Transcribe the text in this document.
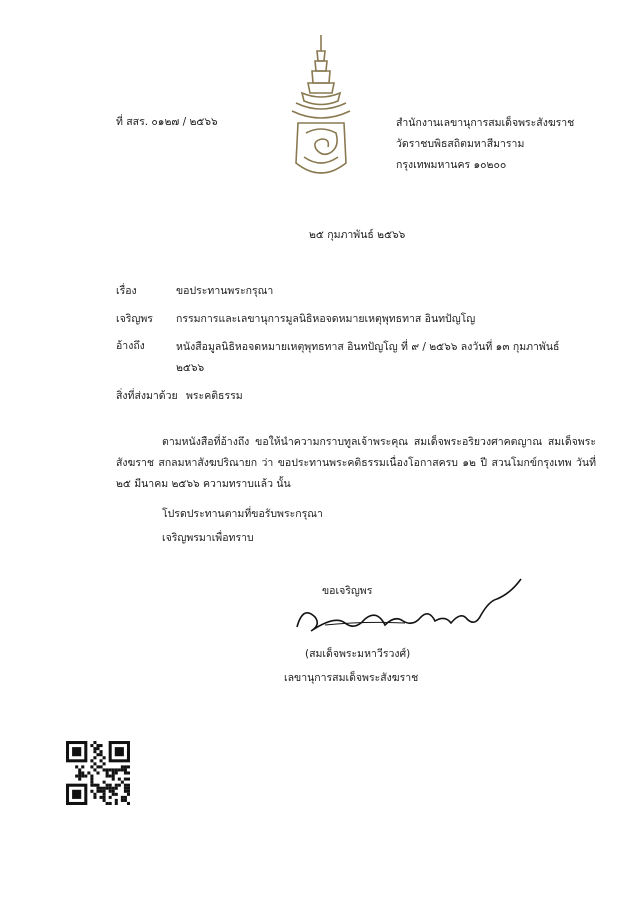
ที่ สสร. ๐๑๒๗ / ๒๕๖๖	สำนักงานเลขานุการสมเด็จพระสังฆราช
วัดราชบพิธสถิตมหาสีมาราม
กรุงเทพมหานคร ๑๐๒๐๐
๒๕ กุมภาพันธ์ ๒๕๖๖
เรื่อง	ขอประทานพระกรุณา
เจริญพร กรรมการและเลขานุการมูลนิธิหอจดหมายเหตุพุทธทาส อินทปัญโญ
อ้างถึง	หนังสือมูลนิธิหอจดหมายเหตุพุทธทาส อินทปัญโญ ที่ ๙ / ๒๕๖๖ ลงวันที่ ๑๓ กุมภาพันธ์ ๒๕๖๖
สิ่งที่ส่งมาด้วย พระคติธรรม
ตามหนังสือที่อ้างถึง ขอให้นำความกราบทูลเจ้าพระคุณ สมเด็จพระอริยวงศาคตญาณ สมเด็จพระสังฆราช สกลมหาสังฆปริณายก ว่า ขอประทานพระคติธรรมเนื่องโอกาสครบ ๑๒ ปี สวนโมกข์กรุงเทพ วันที่ ๒๕ มีนาคม ๒๕๖๖ ความทราบแล้ว นั้น
โปรดประทานตามที่ขอรับพระกรุณา
เจริญพรมาเพื่อทราบ
ขอเจริญพร
(สมเด็จพระมหาวีรวงศ์)
เลขานุการสมเด็จพระสังฆราช
